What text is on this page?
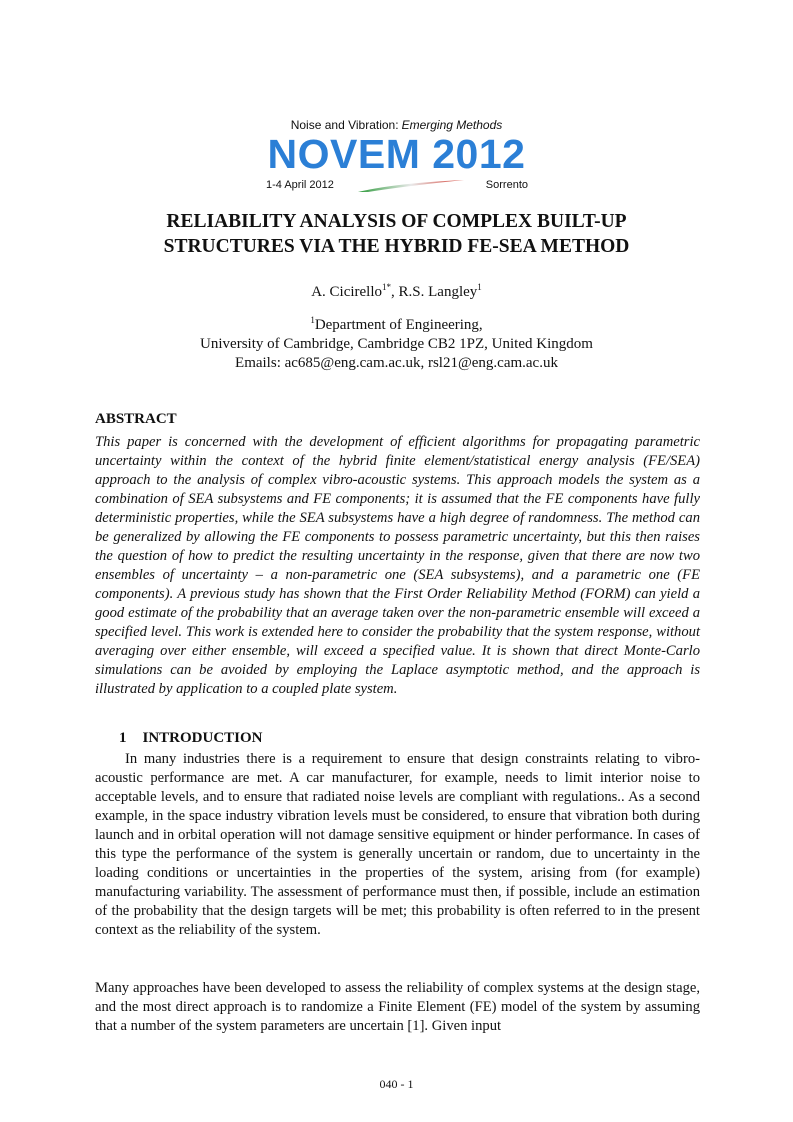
Noise and Vibration: Emerging Methods
NOVEM 2012
1-4 April 2012	Sorrento
RELIABILITY ANALYSIS OF COMPLEX BUILT-UP
STRUCTURES VIA THE HYBRID FE-SEA METHOD
A. Cicirello$^{1*}$, R.S. Langley$^1$
$^1$Department of Engineering,
University of Cambridge, Cambridge CB2 1PZ, United Kingdom
Emails: ac685@eng.cam.ac.uk, rsl21@eng.cam.ac.uk
ABSTRACT

This paper is concerned with the development of efficient algorithms for propagating parametric uncertainty within the context of the hybrid finite element/statistical energy analysis (FE/SEA) approach to the analysis of complex vibro-acoustic systems. This approach models the system as a combination of SEA subsystems and FE components; it is assumed that the FE components have fully deterministic properties, while the SEA subsystems have a high degree of randomness. The method can be generalized by allowing the FE components to possess parametric uncertainty, but this then raises the question of how to predict the resulting uncertainty in the response, given that there are now two ensembles of uncertainty – a non-parametric one (SEA subsystems), and a parametric one (FE components). A previous study has shown that the First Order Reliability Method (FORM) can yield a good estimate of the probability that an average taken over the non-parametric ensemble will exceed a specified level. This work is extended here to consider the probability that the system response, without averaging over either ensemble, will exceed a specified value. It is shown that direct Monte-Carlo simulations can be avoided by employing the Laplace asymptotic method, and the approach is illustrated by application to a coupled plate system.

1 INTRODUCTION

In many industries there is a requirement to ensure that design constraints relating to vibro-acoustic performance are met. A car manufacturer, for example, needs to limit interior noise to acceptable levels, and to ensure that radiated noise levels are compliant with regulations.. As a second example, in the space industry vibration levels must be considered, to ensure that vibration both during launch and in orbital operation will not damage sensitive equipment or hinder performance. In cases of this type the performance of the system is generally uncertain or random, due to uncertainty in the loading conditions or uncertainties in the properties of the system, arising from (for example) manufacturing variability. The assessment of performance must then, if possible, include an estimation of the probability that the design targets will be met; this probability is often referred to in the present context as the reliability of the system.

Many approaches have been developed to assess the reliability of complex systems at the design stage, and the most direct approach is to randomize a Finite Element (FE) model of the system by assuming that a number of the system parameters are uncertain [1]. Given input

040 - 1
